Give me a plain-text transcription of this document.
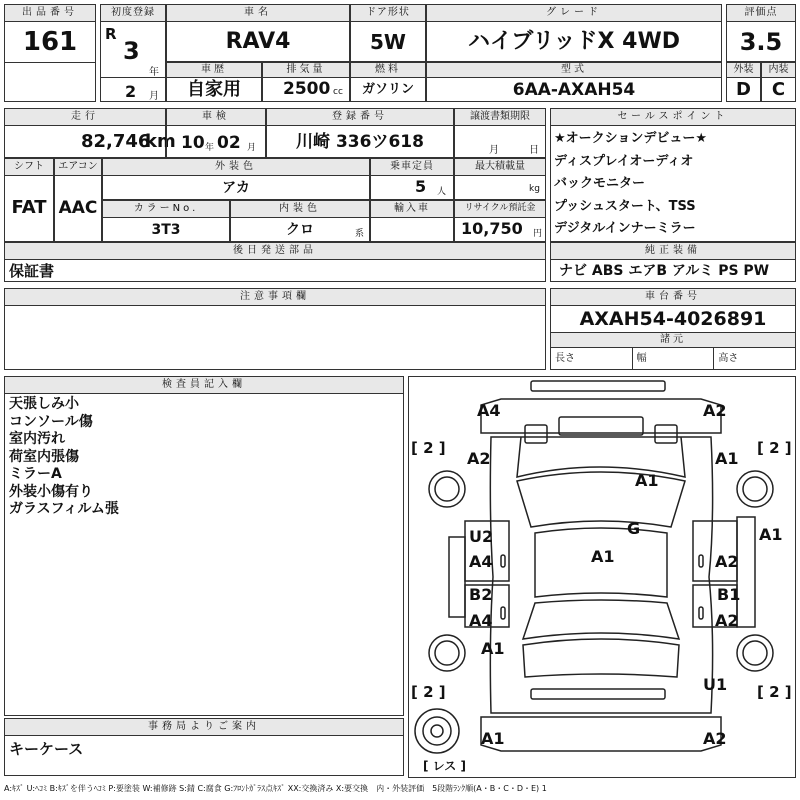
出品番号
161
初度登録
R
3
年
2 月
車名
RAV4
ドア形状
5W
グレード
ハイブリッドX 4WD
評価点
3.5
車歴
自家用
排気量
2500 cc
燃料
ガソリン
型式
6AA-AXAH54
外装
D
内装
C
走行
82,746
km
車検
10 年 02 月
登録番号
川崎 336ツ618
譲渡書類期限
月	日
シフト
FAT
エアコン
AAC
外装色
アカ
乗車定員
5 人
最大積載量
kg
カラーNo.
3T3
内装色
クロ	系
輸入車	リサイクル預託金
10,750 円
後日発送部品
保証書
セールスポイント
★オークションデビュー★
ディスプレイオーディオ
バックモニター
プッシュスタート、TSS
デジタルインナーミラー
純正装備
ナビ ABS エアB アルミ PS PW
注意事項欄	車台番号
AXAH54-4026891
諸元
長さ	幅	高さ
検査員記入欄
天張しみ小
コンソール傷
室内汚れ
荷室内張傷
ミラーA
外装小傷有り
ガラスフィルム張
事務局よりご案内
キーケース
[ 2 ]	[ 2 ]
[ 2 ]	[ 2 ]
[ レス ]
A4	A2
A2	A1
A1
G
A1
A1
U2
A4	A2
B2
A4
B1
A2
A1
U1
A1	A2
A:ｷｽﾞ U:ﾍｺﾐ B:ｷｽﾞを伴うﾍｺﾐ P:要塗装 W:補修跡 S:錆 C:腐食 G:ﾌﾛﾝﾄｶﾞﾗｽ点ｷｽﾞ XX:交換済み X:要交換　内・外装評価　5段階ﾗﾝｸ順(A・B・C・D・E) 1
